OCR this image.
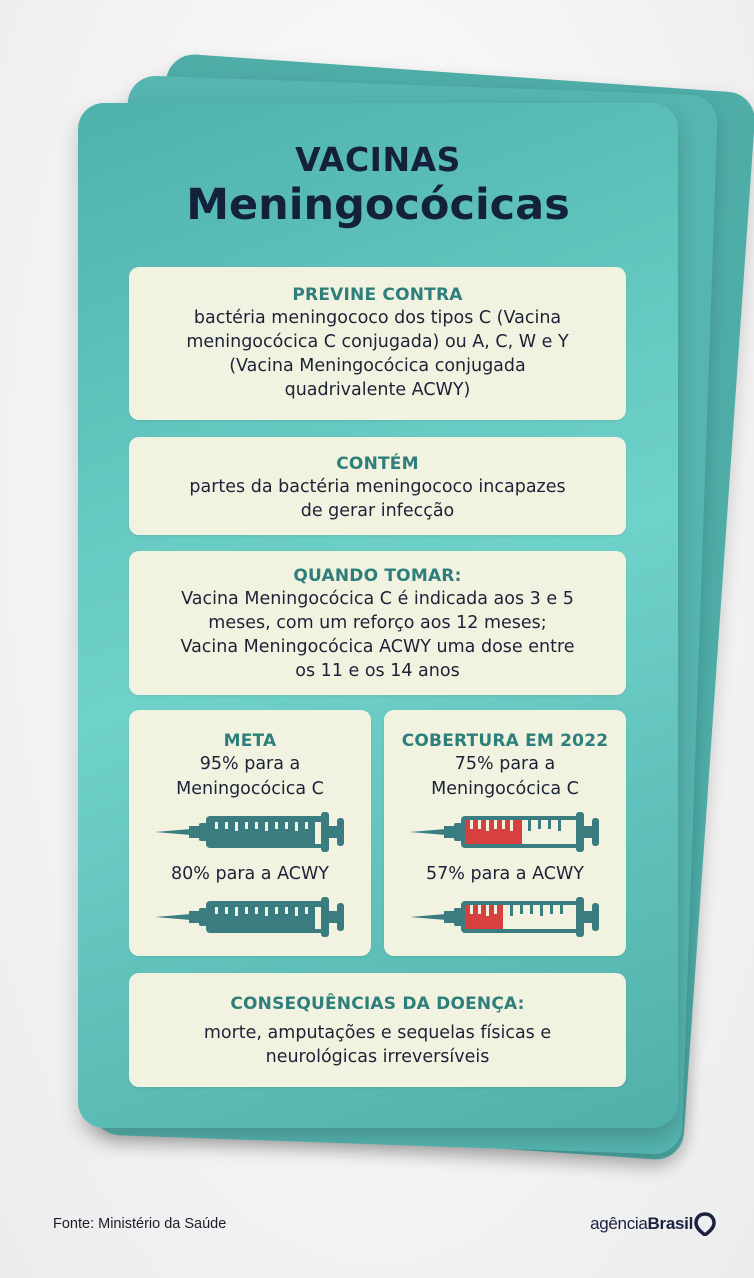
VACINAS
Meningocócicas
PREVINE CONTRA
bactéria meningococo dos tipos C (Vacina
meningocócica C conjugada) ou A, C, W e Y
(Vacina Meningocócica conjugada
quadrivalente ACWY)
CONTÉM
partes da bactéria meningococo incapazes
de gerar infecção
QUANDO TOMAR:
Vacina Meningocócica C é indicada aos 3 e 5
meses, com um reforço aos 12 meses;
Vacina Meningocócica ACWY uma dose entre
os 11 e os 14 anos
META
95% para a
Meningocócica C
80% para a ACWY
COBERTURA EM 2022
75% para a
Meningocócica C
57% para a ACWY
CONSEQUÊNCIAS DA DOENÇA:
morte, amputações e sequelas físicas e
neurológicas irreversíveis
Fonte: Ministério da Saúde	agência Brasil
